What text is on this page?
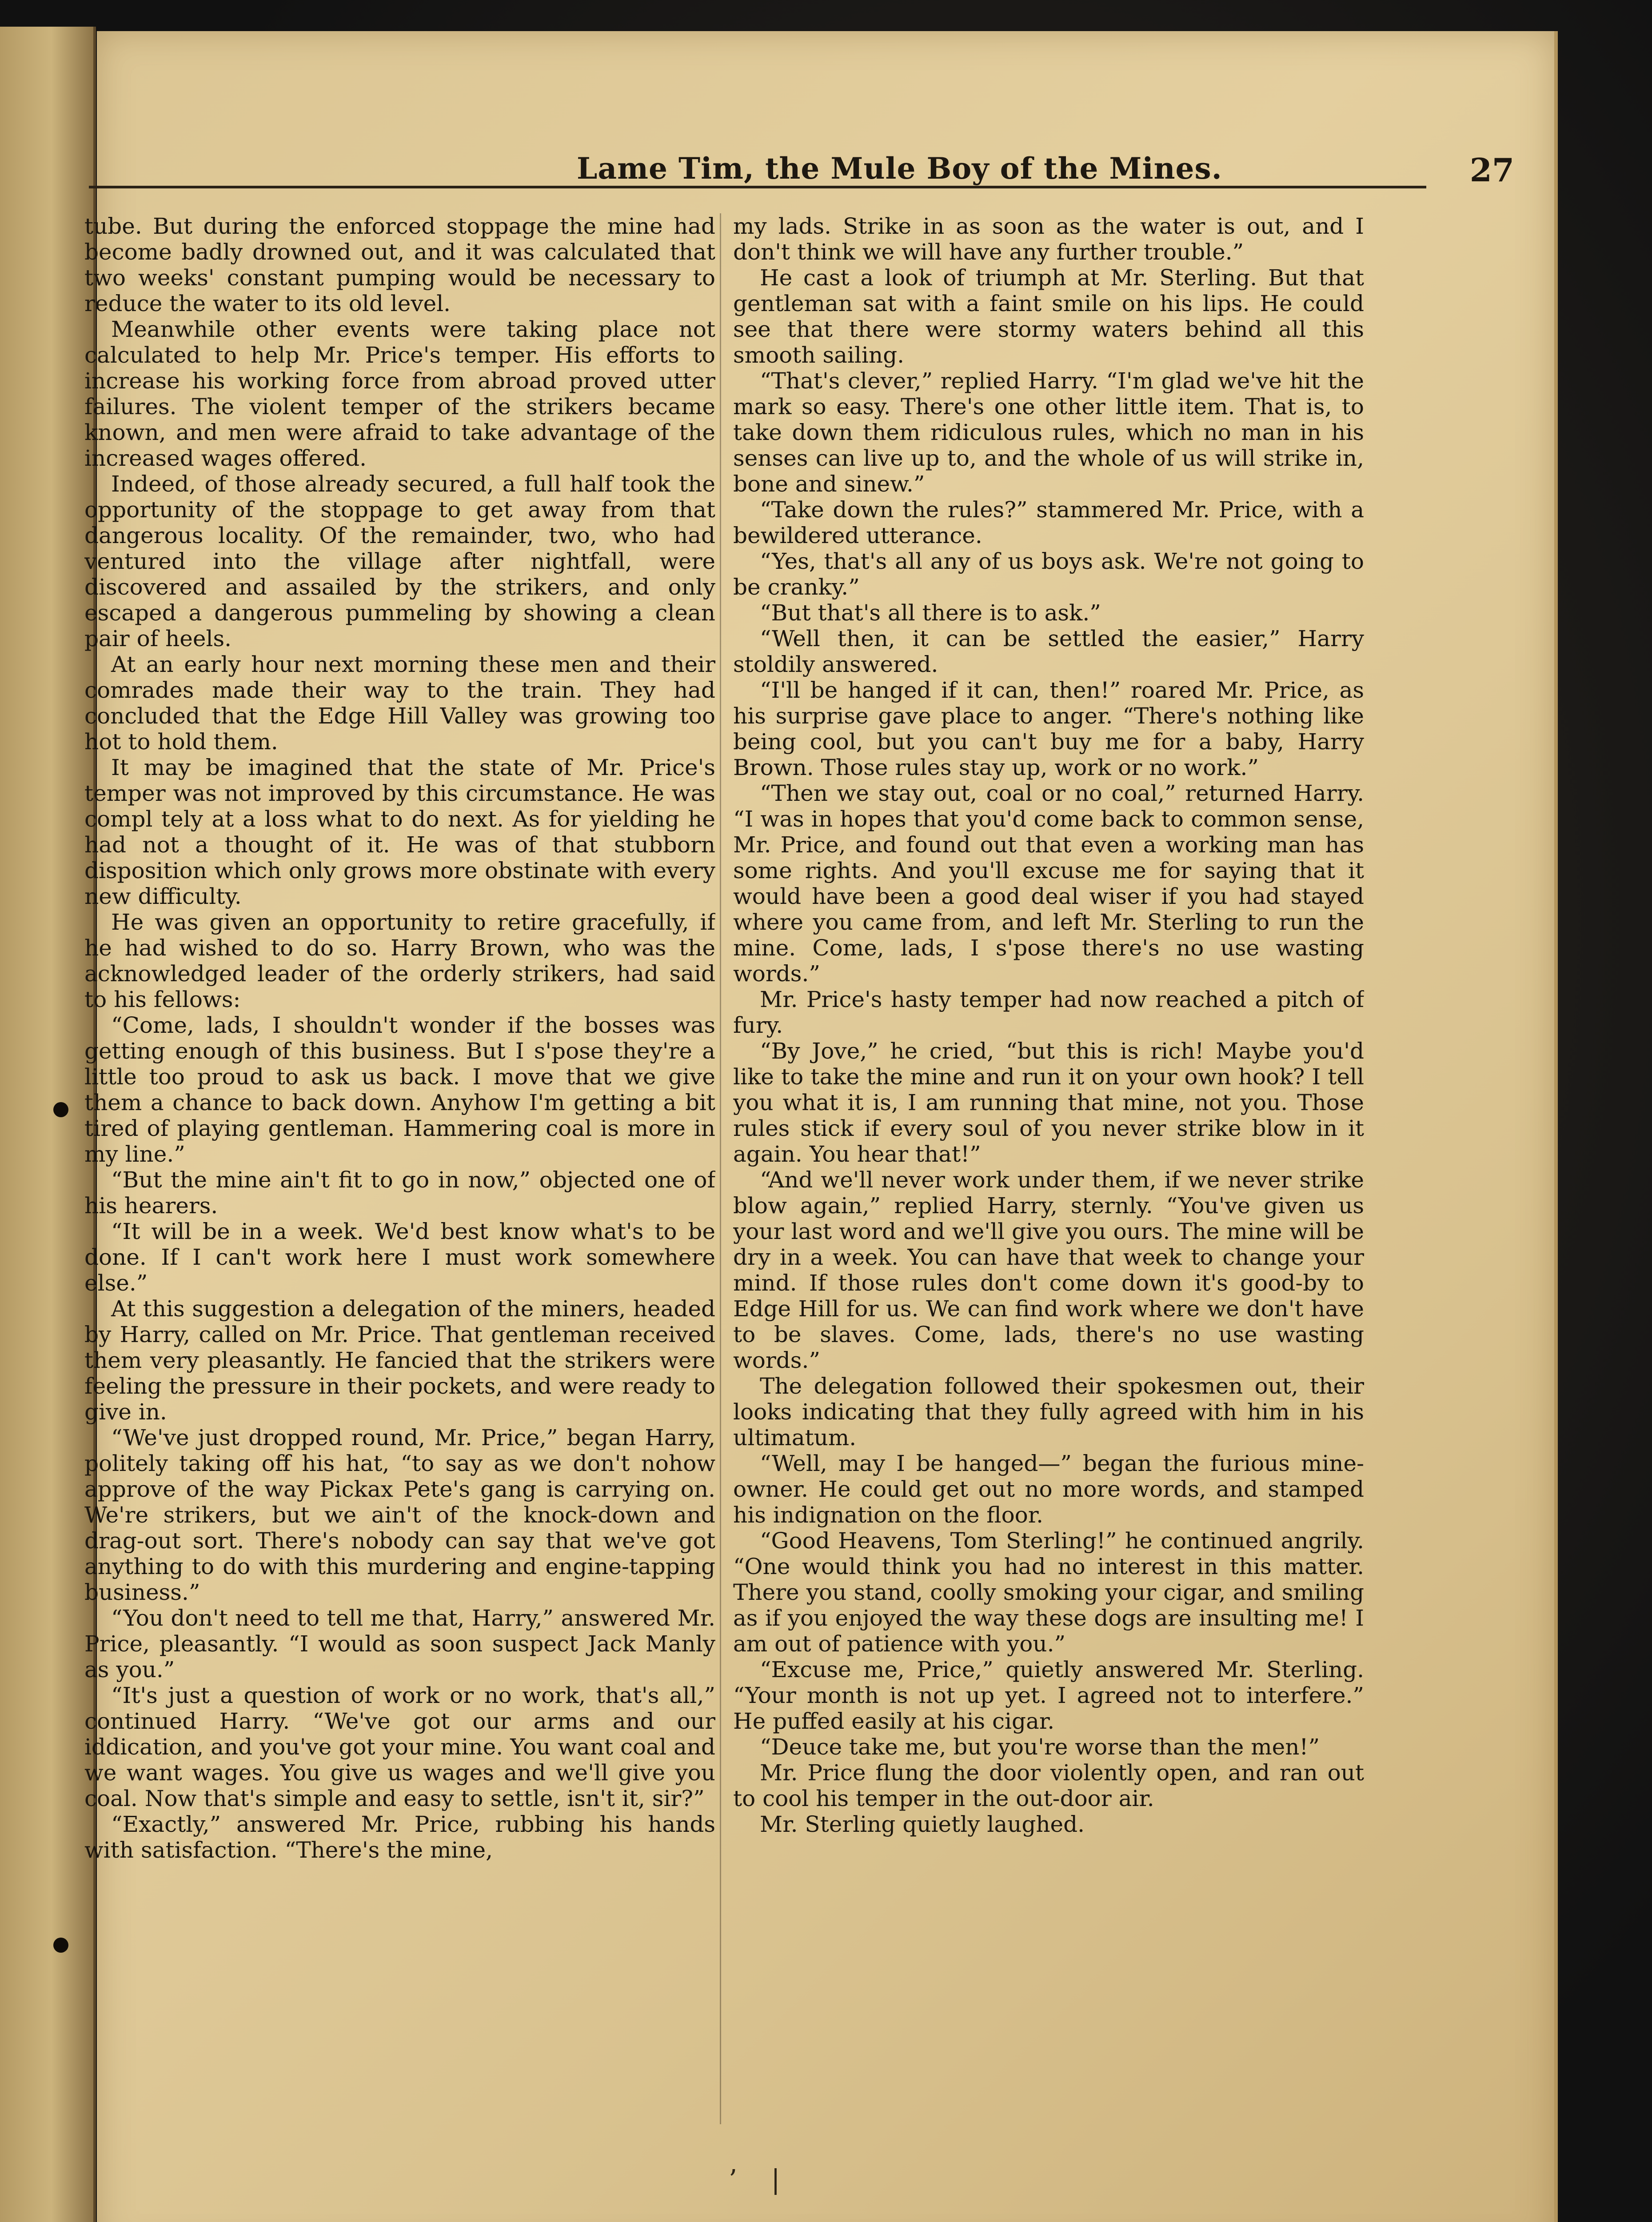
Lame Tim, the Mule Boy of the Mines.	27

tube. But during the enforced stoppage the mine had become badly drowned out, and it was calculated that two weeks' constant pumping would be necessary to reduce the water to its old level.

Meanwhile other events were taking place not calculated to help Mr. Price's temper. His efforts to increase his working force from abroad proved utter failures. The violent temper of the strikers became known, and men were afraid to take advantage of the increased wages offered.

Indeed, of those already secured, a full half took the opportunity of the stoppage to get away from that dangerous locality. Of the remainder, two, who had ventured into the village after nightfall, were discovered and assailed by the strikers, and only escaped a dangerous pummeling by showing a clean pair of heels.

At an early hour next morning these men and their comrades made their way to the train. They had concluded that the Edge Hill Valley was growing too hot to hold them.

It may be imagined that the state of Mr. Price's temper was not improved by this circumstance. He was compl tely at a loss what to do next. As for yielding he had not a thought of it. He was of that stubborn disposition which only grows more obstinate with every new difficulty.

He was given an opportunity to retire gracefully, if he had wished to do so. Harry Brown, who was the acknowledged leader of the orderly strikers, had said to his fellows:

“Come, lads, I shouldn't wonder if the bosses was getting enough of this business. But I s'pose they're a little too proud to ask us back. I move that we give them a chance to back down. Anyhow I'm getting a bit tired of playing gentleman. Hammering coal is more in my line.”

“But the mine ain't fit to go in now,” objected one of his hearers.

“It will be in a week. We'd best know what's to be done. If I can't work here I must work somewhere else.”

At this suggestion a delegation of the miners, headed by Harry, called on Mr. Price. That gentleman received them very pleasantly. He fancied that the strikers were feeling the pressure in their pockets, and were ready to give in.

“We've just dropped round, Mr. Price,” began Harry, politely taking off his hat, “to say as we don't nohow approve of the way Pickax Pete's gang is carrying on. We're strikers, but we ain't of the knock-down and drag-out sort. There's nobody can say that we've got anything to do with this murdering and engine-tapping business.”

“You don't need to tell me that, Harry,” answered Mr. Price, pleasantly. “I would as soon suspect Jack Manly as you.”

“It's just a question of work or no work, that's all,” continued Harry. “We've got our arms and our iddication, and you've got your mine. You want coal and we want wages. You give us wages and we'll give you coal. Now that's simple and easy to settle, isn't it, sir?”

“Exactly,” answered Mr. Price, rubbing his hands with satisfaction. “There's the mine,

my lads. Strike in as soon as the water is out, and I don't think we will have any further trouble.”

He cast a look of triumph at Mr. Sterling. But that gentleman sat with a faint smile on his lips. He could see that there were stormy waters behind all this smooth sailing.

“That's clever,” replied Harry. “I'm glad we've hit the mark so easy. There's one other little item. That is, to take down them ridiculous rules, which no man in his senses can live up to, and the whole of us will strike in, bone and sinew.”

“Take down the rules?” stammered Mr. Price, with a bewildered utterance.

“Yes, that's all any of us boys ask. We're not going to be cranky.”

“But that's all there is to ask.”

“Well then, it can be settled the easier,” Harry stoldily answered.

“I'll be hanged if it can, then!” roared Mr. Price, as his surprise gave place to anger. “There's nothing like being cool, but you can't buy me for a baby, Harry Brown. Those rules stay up, work or no work.”

“Then we stay out, coal or no coal,” returned Harry. “I was in hopes that you'd come back to common sense, Mr. Price, and found out that even a working man has some rights. And you'll excuse me for saying that it would have been a good deal wiser if you had stayed where you came from, and left Mr. Sterling to run the mine. Come, lads, I s'pose there's no use wasting words.”

Mr. Price's hasty temper had now reached a pitch of fury.

“By Jove,” he cried, “but this is rich! Maybe you'd like to take the mine and run it on your own hook? I tell you what it is, I am running that mine, not you. Those rules stick if every soul of you never strike blow in it again. You hear that!”

“And we'll never work under them, if we never strike blow again,” replied Harry, sternly. “You've given us your last word and we'll give you ours. The mine will be dry in a week. You can have that week to change your mind. If those rules don't come down it's good-by to Edge Hill for us. We can find work where we don't have to be slaves. Come, lads, there's no use wasting words.”

The delegation followed their spokesmen out, their looks indicating that they fully agreed with him in his ultimatum.

“Well, may I be hanged—” began the furious mine-owner. He could get out no more words, and stamped his indignation on the floor.

“Good Heavens, Tom Sterling!” he continued angrily. “One would think you had no interest in this matter. There you stand, coolly smoking your cigar, and smiling as if you enjoyed the way these dogs are insulting me! I am out of patience with you.”

“Excuse me, Price,” quietly answered Mr. Sterling. “Your month is not up yet. I agreed not to interfere.” He puffed easily at his cigar.

“Deuce take me, but you're worse than the men!”

Mr. Price flung the door violently open, and ran out to cool his temper in the out-door air.

Mr. Sterling quietly laughed.

’    |
